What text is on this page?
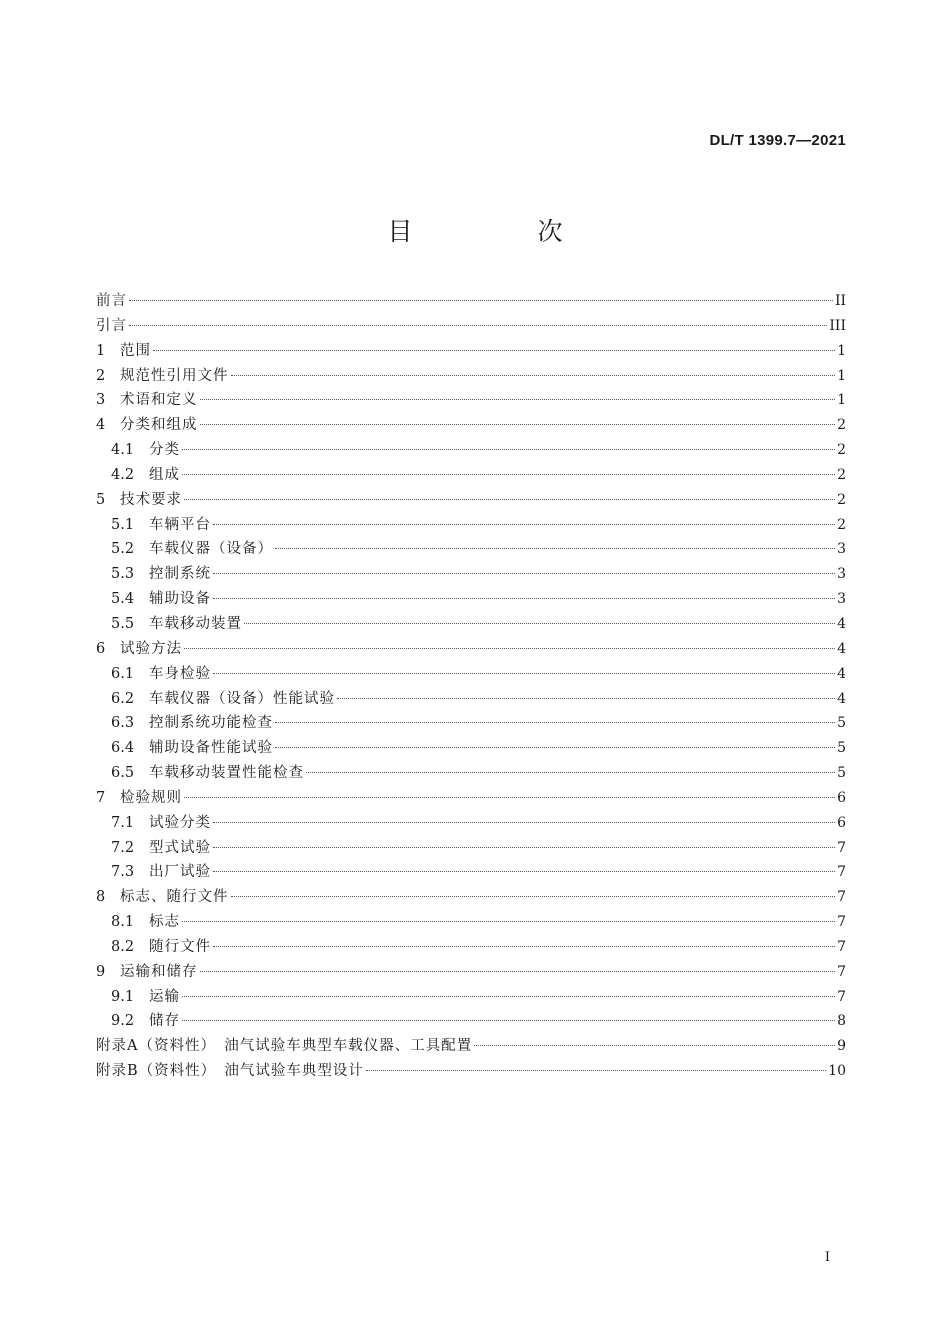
DL/T 1399.7—2021
目　次
前言	II
引言	III
1	范围	1
2	规范性引用文件	1
3	术语和定义	1
4	分类和组成	2
4.1	分类	2
4.2	组成	2
5	技术要求	2
5.1	车辆平台	2
5.2	车载仪器（设备）	3
5.3	控制系统	3
5.4	辅助设备	3
5.5	车载移动装置	4
6	试验方法	4
6.1	车身检验	4
6.2	车载仪器（设备）性能试验	4
6.3	控制系统功能检查	5
6.4	辅助设备性能试验	5
6.5	车载移动装置性能检查	5
7	检验规则	6
7.1	试验分类	6
7.2	型式试验	7
7.3	出厂试验	7
8	标志、随行文件	7
8.1	标志	7
8.2	随行文件	7
9	运输和储存	7
9.1	运输	7
9.2	储存	8
附录A（资料性）　油气试验车典型车载仪器、工具配置	9
附录B（资料性）　油气试验车典型设计	10
I
